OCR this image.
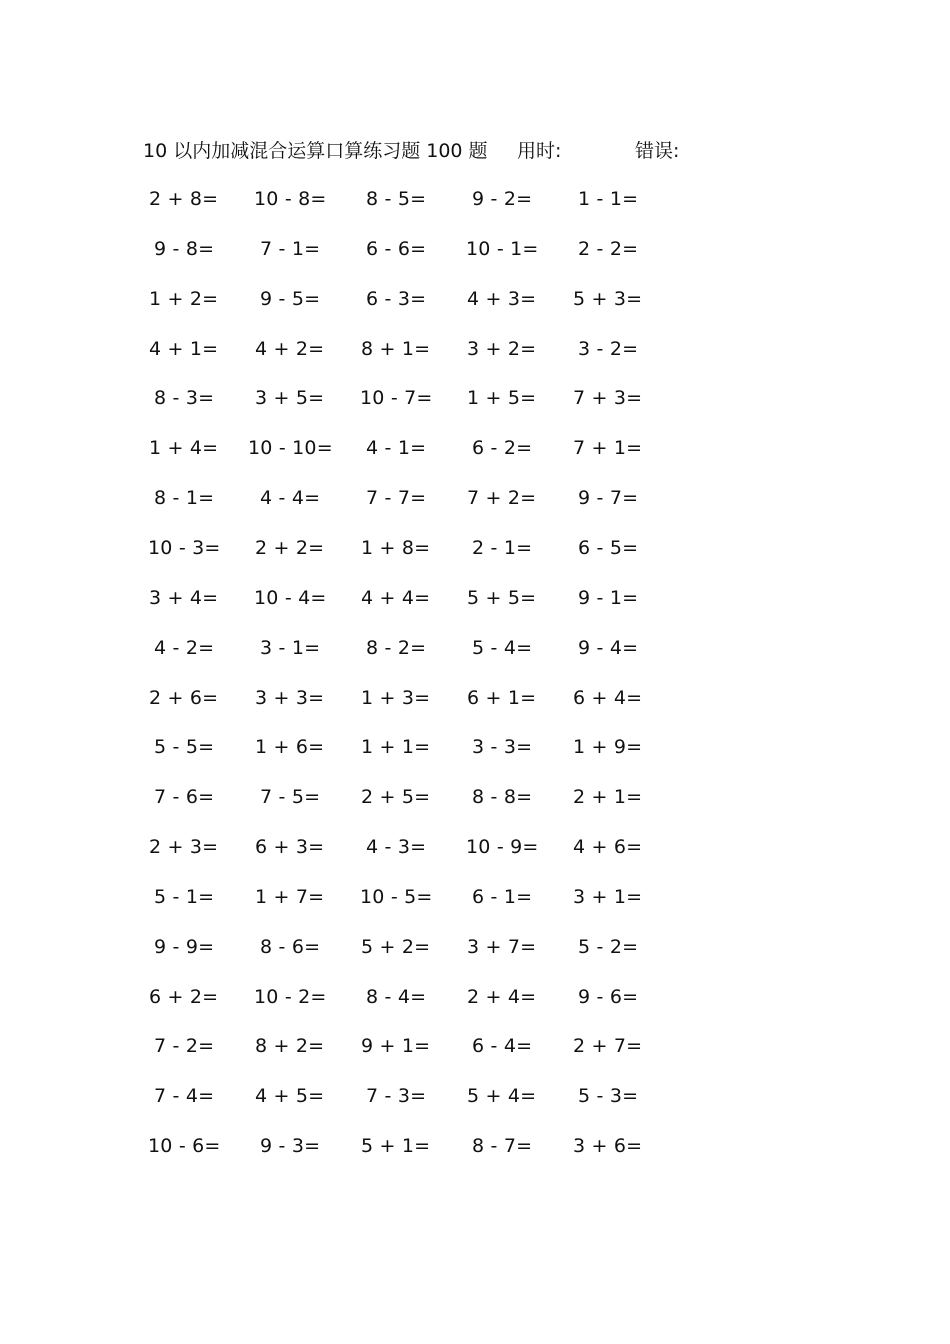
10 以内加减混合运算口算练习题 100 题 用时:	错误:
2 + 8= 10 - 8= 8 - 5= 9 - 2= 1 - 1=
9 - 8= 7 - 1= 6 - 6= 10 - 1= 2 - 2=
1 + 2= 9 - 5= 6 - 3= 4 + 3= 5 + 3=
4 + 1= 4 + 2= 8 + 1= 3 + 2= 3 - 2=
8 - 3= 3 + 5= 10 - 7= 1 + 5= 7 + 3=
1 + 4= 10 - 10= 4 - 1= 6 - 2= 7 + 1=
8 - 1= 4 - 4= 7 - 7= 7 + 2= 9 - 7=
10 - 3= 2 + 2= 1 + 8= 2 - 1= 6 - 5=
3 + 4= 10 - 4= 4 + 4= 5 + 5= 9 - 1=
4 - 2= 3 - 1= 8 - 2= 5 - 4= 9 - 4=
2 + 6= 3 + 3= 1 + 3= 6 + 1= 6 + 4=
5 - 5= 1 + 6= 1 + 1= 3 - 3= 1 + 9=
7 - 6= 7 - 5= 2 + 5= 8 - 8= 2 + 1=
2 + 3= 6 + 3= 4 - 3= 10 - 9= 4 + 6=
5 - 1= 1 + 7= 10 - 5= 6 - 1= 3 + 1=
9 - 9= 8 - 6= 5 + 2= 3 + 7= 5 - 2=
6 + 2= 10 - 2= 8 - 4= 2 + 4= 9 - 6=
7 - 2= 8 + 2= 9 + 1= 6 - 4= 2 + 7=
7 - 4= 4 + 5= 7 - 3= 5 + 4= 5 - 3=
10 - 6= 9 - 3= 5 + 1= 8 - 7= 3 + 6=
